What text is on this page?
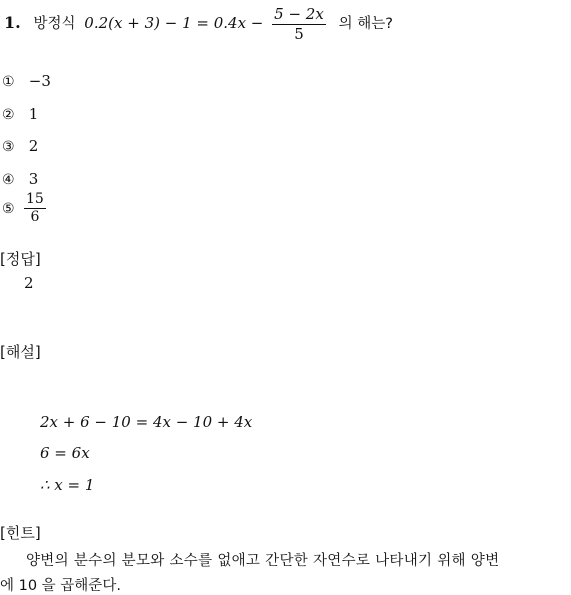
1. 방정식 $0.2(x + 3) - 1 = 0.4x - \frac{5 - 2x}{5}$ 의 해는?
① −3
② 1
③ 2
④ 3
⑤ $\frac{15}{6}$
[정답]
2
[해설]
2x + 6 − 10 = 4x − 10 + 4x
6 = 6x
∴ x = 1
[힌트]
양변의 분수의 분모와 소수를 없애고 간단한 자연수로 나타내기 위해 양변
에 10 을 곱해준다.
